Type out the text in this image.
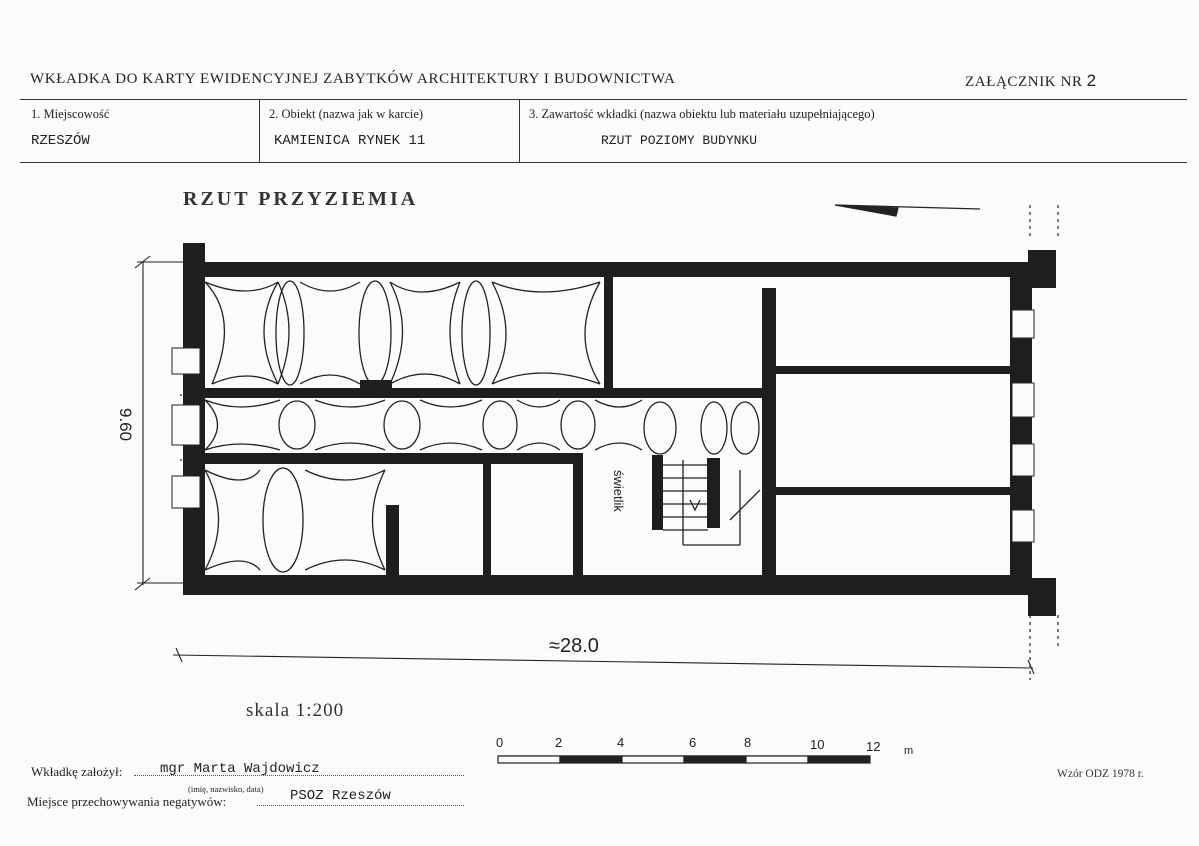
WKŁADKA DO KARTY EWIDENCYJNEJ ZABYTKÓW ARCHITEKTURY I BUDOWNICTWA	ZAŁĄCZNIK NR 2
1. Miejscowość
RZESZÓW
2. Obiekt (nazwa jak w karcie)
KAMIENICA RYNEK 11
3. Zawartość wkładki (nazwa obiektu lub materiału uzupełniającego)
RZUT POZIOMY BUDYNKU
RZUT PRZYZIEMIA
≈28.0
9.60
świetlik
skala 1:200
0	2	4	6	8	10	12 m
Wkładkę założył:	mgr Marta Wajdowicz
(imię, nazwisko, data)
Miejsce przechowywania negatywów:	PSOZ Rzeszów
Wzór ODZ 1978 r.
